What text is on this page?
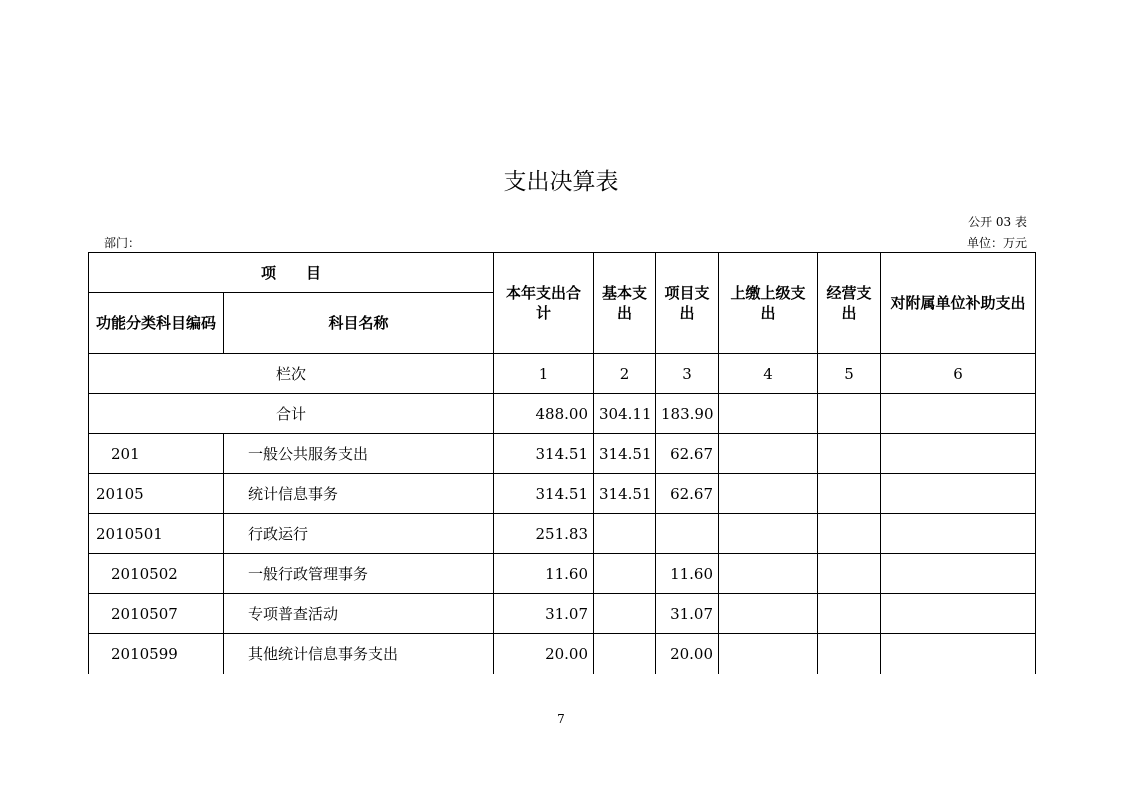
支出决算表
公开 03 表
部门：	单位：万元
项　　目		本年支出合计	基本支出	项目支出	上缴上级支出	经营支出	对附属单位补助支出
功能分类科目编码	科目名称						
栏次		1	2	3	4	5	6
合计		488.00	304.11	183.90			
201	一般公共服务支出	314.51	314.51	62.67			
20105	统计信息事务	314.51	314.51	62.67			
2010501	行政运行	251.83					
2010502	一般行政管理事务	11.60		11.60			
2010507	专项普查活动	31.07		31.07			
2010599	其他统计信息事务支出	20.00		20.00			
7
